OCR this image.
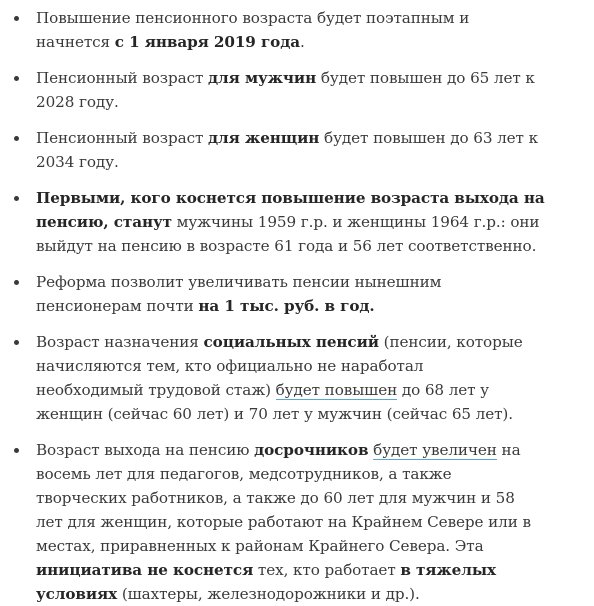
Повышение пенсионного возраста будет поэтапным и
начнется с 1 января 2019 года.
Пенсионный возраст для мужчин будет повышен до 65 лет к
2028 году.
Пенсионный возраст для женщин будет повышен до 63 лет к
2034 году.
Первыми, кого коснется повышение возраста выхода на
пенсию, станут мужчины 1959 г.р. и женщины 1964 г.р.: они
выйдут на пенсию в возрасте 61 года и 56 лет соответственно.
Реформа позволит увеличивать пенсии нынешним
пенсионерам почти на 1 тыс. руб. в год.
Возраст назначения социальных пенсий (пенсии, которые
начисляются тем, кто официально не наработал
необходимый трудовой стаж) будет повышен до 68 лет у
женщин (сейчас 60 лет) и 70 лет у мужчин (сейчас 65 лет).
Возраст выхода на пенсию досрочников будет увеличен на
восемь лет для педагогов, медсотрудников, а также
творческих работников, а также до 60 лет для мужчин и 58
лет для женщин, которые работают на Крайнем Севере или в
местах, приравненных к районам Крайнего Севера. Эта
инициатива не коснется тех, кто работает в тяжелых
условиях (шахтеры, железнодорожники и др.).
